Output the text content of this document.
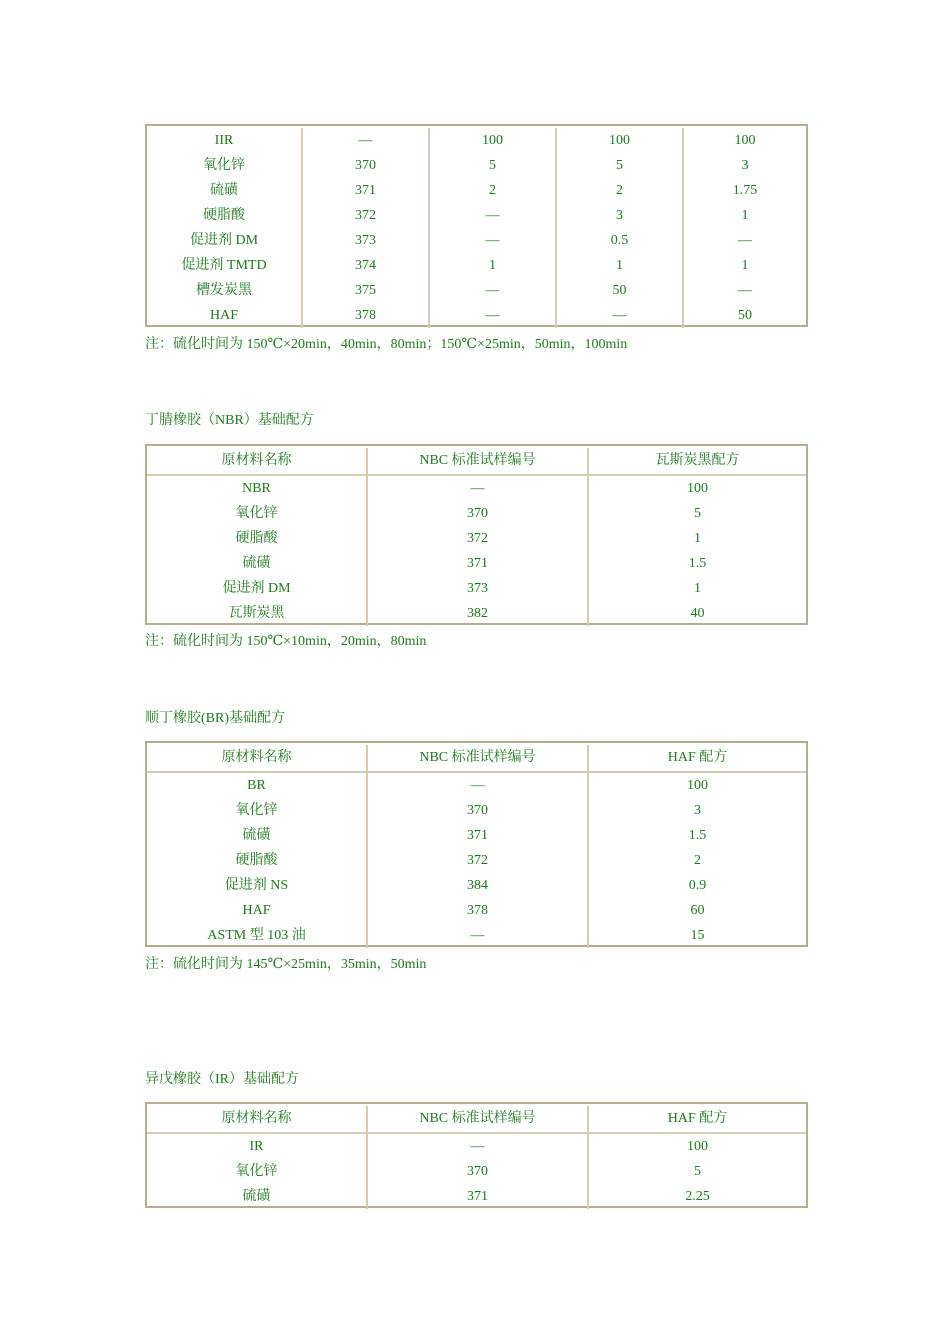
IIR	—	100	100	100
氧化锌	370	5	5	3
硫磺	371	2	2	1.75
硬脂酸	372	—	3	1
促进剂 DM	373	—	0.5	—
促进剂 TMTD	374	1	1	1
槽发炭黑	375	—	50	—
HAF	378	—	—	50
注：硫化时间为 150℃×20min，40min，80min；150℃×25min，50min，100min
丁腈橡胶（NBR）基础配方
原材料名称	NBC 标准试样编号	瓦斯炭黑配方
NBR	—	100
氧化锌	370	5
硬脂酸	372	1
硫磺	371	1.5
促进剂 DM	373	1
瓦斯炭黑	382	40
注：硫化时间为 150℃×10min，20min，80min
顺丁橡胶(BR)基础配方
原材料名称	NBC 标准试样编号	HAF 配方
BR	—	100
氧化锌	370	3
硫磺	371	1.5
硬脂酸	372	2
促进剂 NS	384	0.9
HAF	378	60
ASTM 型 103 油	—	15
注：硫化时间为 145℃×25min，35min，50min
异戊橡胶（IR）基础配方
原材料名称	NBC 标准试样编号	HAF 配方
IR	—	100
氧化锌	370	5
硫磺	371	2.25
